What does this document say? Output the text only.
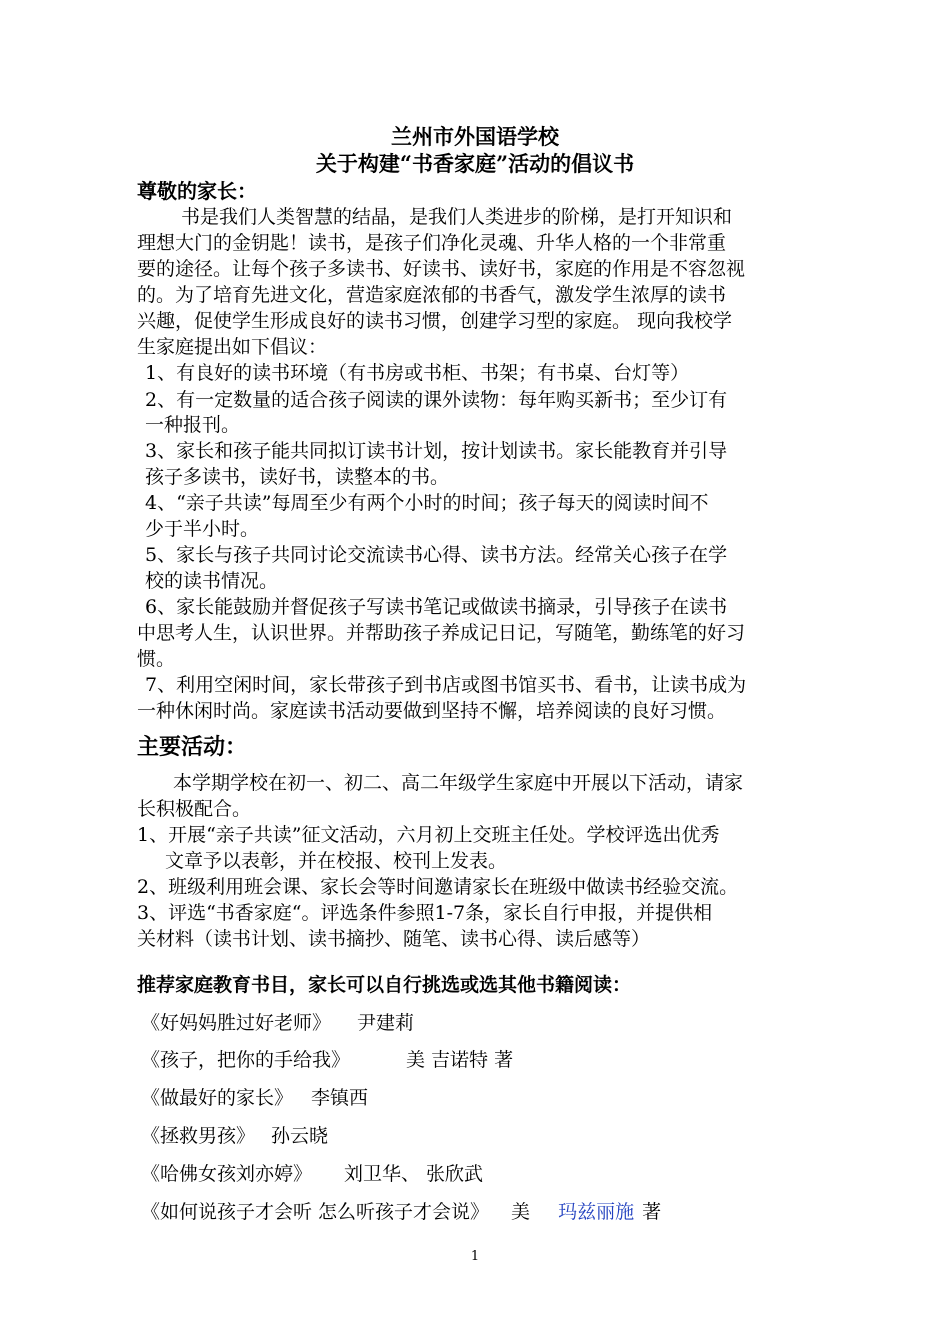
兰州市外国语学校
关于构建“书香家庭”活动的倡议书
尊敬的家长：
书是我们人类智慧的结晶，是我们人类进步的阶梯，是打开知识和
理想大门的金钥匙！读书，是孩子们净化灵魂、升华人格的一个非常重
要的途径。让每个孩子多读书、好读书、读好书，家庭的作用是不容忽视
的。为了培育先进文化，营造家庭浓郁的书香气，激发学生浓厚的读书
兴趣，促使学生形成良好的读书习惯，创建学习型的家庭。 现向我校学
生家庭提出如下倡议：
1、有良好的读书环境（有书房或书柜、书架；有书桌、台灯等）
2、有一定数量的适合孩子阅读的课外读物：每年购买新书；至少订有
一种报刊。
3、家长和孩子能共同拟订读书计划，按计划读书。家长能教育并引导
孩子多读书，读好书，读整本的书。
4、“亲子共读”每周至少有两个小时的时间；孩子每天的阅读时间不
少于半小时。
5、家长与孩子共同讨论交流读书心得、读书方法。经常关心孩子在学
校的读书情况。
6、家长能鼓励并督促孩子写读书笔记或做读书摘录，引导孩子在读书
中思考人生，认识世界。并帮助孩子养成记日记，写随笔，勤练笔的好习
惯。
7、利用空闲时间，家长带孩子到书店或图书馆买书、看书，让读书成为
一种休闲时尚。家庭读书活动要做到坚持不懈，培养阅读的良好习惯。
主要活动：
本学期学校在初一、初二、高二年级学生家庭中开展以下活动，请家
长积极配合。
1、开展“亲子共读”征文活动，六月初上交班主任处。学校评选出优秀
文章予以表彰，并在校报、校刊上发表。
2、班级利用班会课、家长会等时间邀请家长在班级中做读书经验交流。
3、评选“书香家庭“。评选条件参照1-7条，家长自行申报，并提供相
关材料（读书计划、读书摘抄、随笔、读书心得、读后感等）
推荐家庭教育书目，家长可以自行挑选或选其他书籍阅读：
《好妈妈胜过好老师》 尹建莉
《孩子，把你的手给我》	美 吉诺特 著
《做最好的家长》 李镇西
《拯救男孩》 孙云晓
《哈佛女孩刘亦婷》 刘卫华、 张欣武
《如何说孩子才会听 怎么听孩子才会说》 美 玛兹丽施 著
1
